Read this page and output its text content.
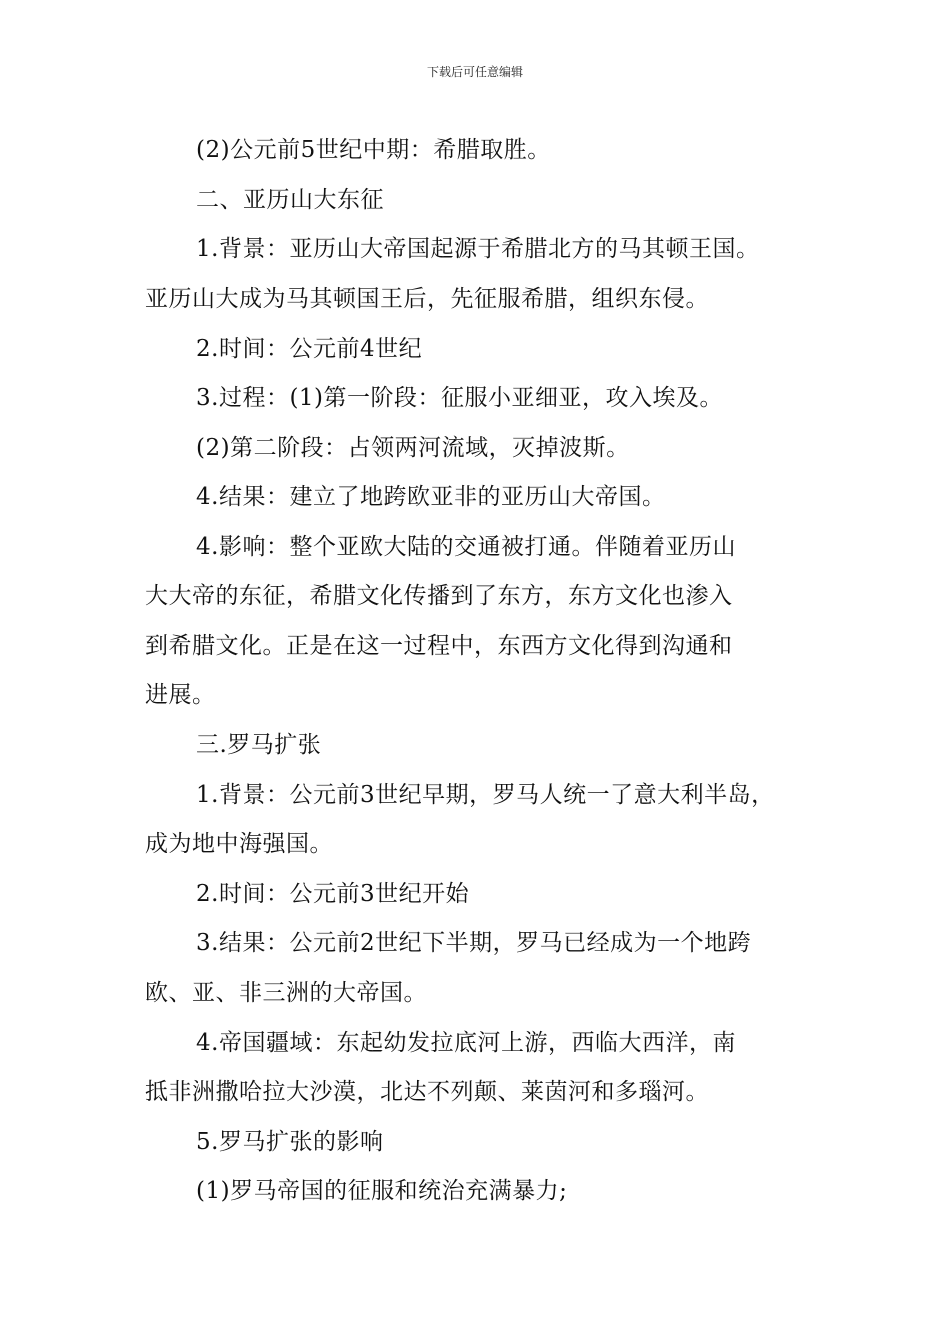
下载后可任意编辑
(2)公元前5世纪中期：希腊取胜。
二、亚历山大东征
1.背景：亚历山大帝国起源于希腊北方的马其顿王国。
亚历山大成为马其顿国王后，先征服希腊，组织东侵。
2.时间：公元前4世纪
3.过程：(1)第一阶段：征服小亚细亚，攻入埃及。
(2)第二阶段：占领两河流域，灭掉波斯。
4.结果：建立了地跨欧亚非的亚历山大帝国。
4.影响：整个亚欧大陆的交通被打通。伴随着亚历山
大大帝的东征，希腊文化传播到了东方，东方文化也渗入
到希腊文化。正是在这一过程中，东西方文化得到沟通和
进展。
三.罗马扩张
1.背景：公元前3世纪早期，罗马人统一了意大利半岛，
成为地中海强国。
2.时间：公元前3世纪开始
3.结果：公元前2世纪下半期，罗马已经成为一个地跨
欧、亚、非三洲的大帝国。
4.帝国疆域：东起幼发拉底河上游，西临大西洋，南
抵非洲撒哈拉大沙漠，北达不列颠、莱茵河和多瑙河。
5.罗马扩张的影响
(1)罗马帝国的征服和统治充满暴力;
